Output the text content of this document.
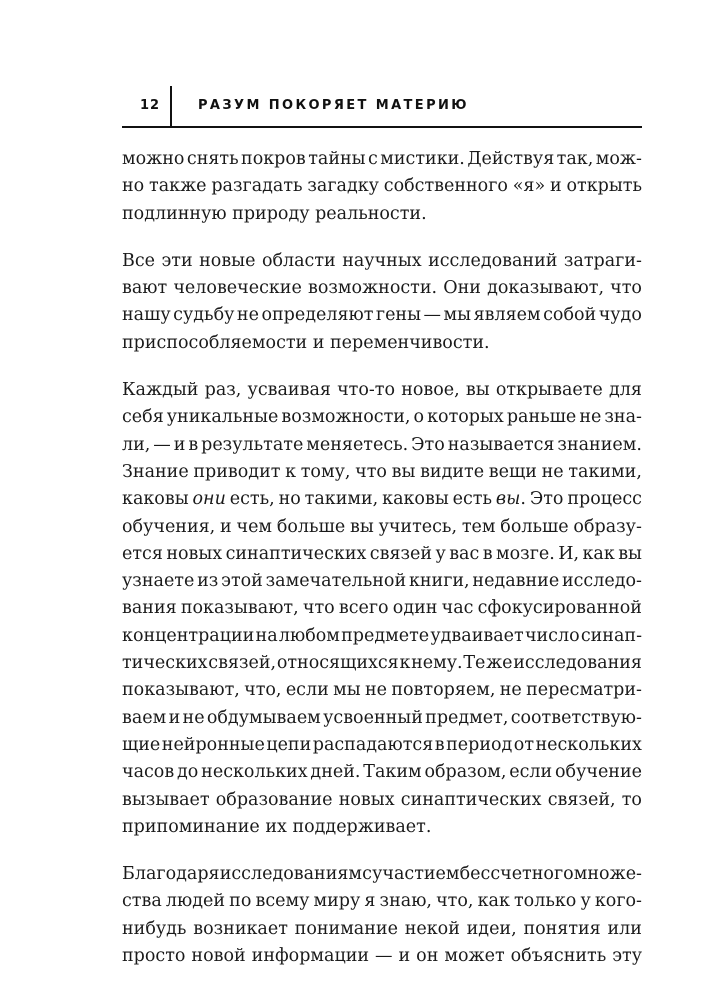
12	РАЗУМ ПОКОРЯЕТ МАТЕРИЮ
можно снять покров тайны с мистики. Действуя так, мож-
но также разгадать загадку собственного «я» и открыть
подлинную природу реальности.
Все эти новые области научных исследований затраги-
вают человеческие возможности. Они доказывают, что
нашу судьбу не определяют гены — мы являем собой чудо
приспособляемости и переменчивости.
Каждый раз, усваивая что-то новое, вы открываете для
себя уникальные возможности, о которых раньше не зна-
ли, — и в результате меняетесь. Это называется знанием.
Знание приводит к тому, что вы видите вещи не такими,
каковы они есть, но такими, каковы есть вы. Это процесс
обучения, и чем больше вы учитесь, тем больше образу-
ется новых синаптических связей у вас в мозге. И, как вы
узнаете из этой замечательной книги, недавние исследо-
вания показывают, что всего один час сфокусированной
концентрации на любом предмете удваивает число синап-
тических связей, относящихся к нему. Те же исследования
показывают, что, если мы не повторяем, не пересматри-
ваем и не обдумываем усвоенный предмет, соответствую-
щие нейронные цепи распадаются в период от нескольких
часов до нескольких дней. Таким образом, если обучение
вызывает образование новых синаптических связей, то
припоминание их поддерживает.
Благодаря исследованиям с участием бессчетного множе-
ства людей по всему миру я знаю, что, как только у кого-
нибудь возникает понимание некой идеи, понятия или
просто новой информации — и он может объяснить эту
